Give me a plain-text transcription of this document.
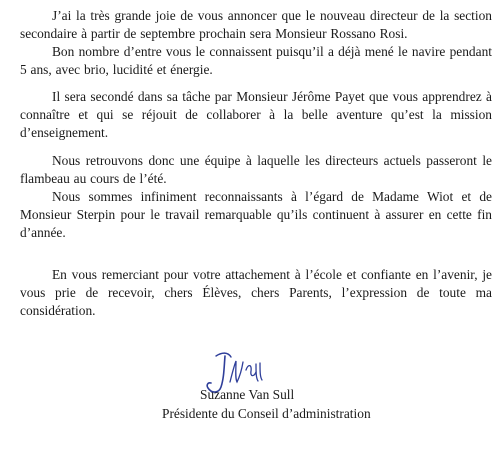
J’ai la très grande joie de vous annoncer que le nouveau directeur de la section secondaire à partir de septembre prochain sera Monsieur Rossano Rosi.

Bon nombre d’entre vous le connaissent puisqu’il a déjà mené le navire pendant 5 ans, avec brio, lucidité et énergie.

Il sera secondé dans sa tâche par Monsieur Jérôme Payet que vous apprendrez à connaître et qui se réjouit de collaborer à la belle aventure qu’est la mission d’enseignement.

Nous retrouvons donc une équipe à laquelle les directeurs actuels passeront le flambeau au cours de l’été.

Nous sommes infiniment reconnaissants à l’égard de Madame Wiot et de Monsieur Sterpin pour le travail remarquable qu’ils continuent à assurer en cette fin d’année.

En vous remerciant pour votre attachement à l’école et confiante en l’avenir, je vous prie de recevoir, chers Élèves, chers Parents, l’expression de toute ma considération.

Suzanne Van Sull
Présidente du Conseil d’administration
